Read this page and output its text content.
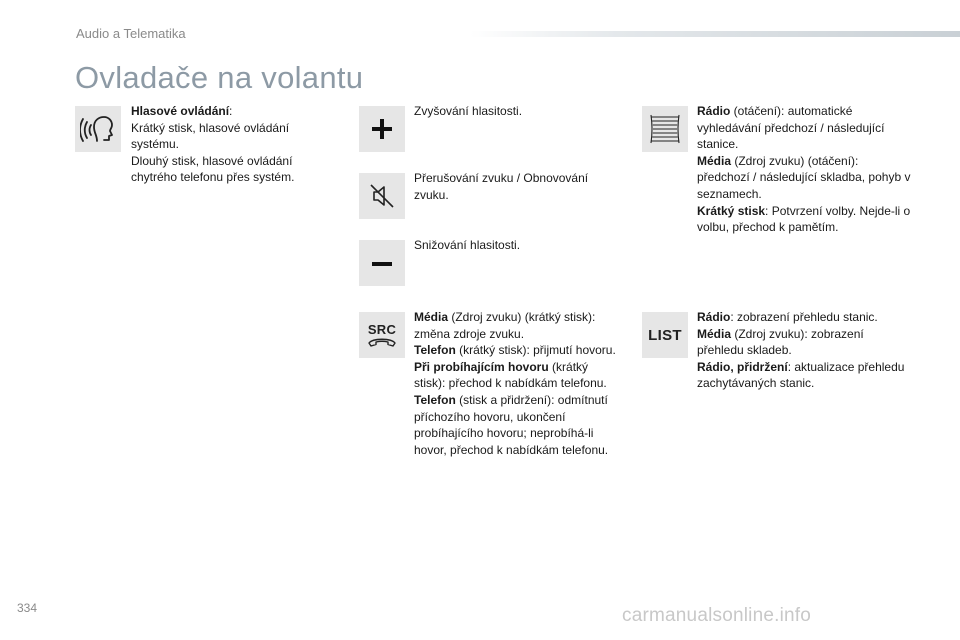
Audio a Telematika
Ovladače na volantu
Hlasové ovládání:
Krátký stisk, hlasové ovládání systému.
Dlouhý stisk, hlasové ovládání chytrého telefonu přes systém.
Zvyšování hlasitosti.
Přerušování zvuku / Obnovování zvuku.
Snižování hlasitosti.
SRC
Média (Zdroj zvuku) (krátký stisk): změna zdroje zvuku.
Telefon (krátký stisk): přijmutí hovoru.
Při probíhajícím hovoru (krátký stisk): přechod k nabídkám telefonu.
Telefon (stisk a přidržení): odmítnutí příchozího hovoru, ukončení probíhajícího hovoru; neprobíhá-li hovor, přechod k nabídkám telefonu.
Rádio (otáčení): automatické vyhledávání předchozí / následující stanice.
Média (Zdroj zvuku) (otáčení): předchozí / následující skladba, pohyb v seznamech.
Krátký stisk: Potvrzení volby. Nejde-li o volbu, přechod k pamětím.
LIST
Rádio: zobrazení přehledu stanic.
Média (Zdroj zvuku): zobrazení přehledu skladeb.
Rádio, přidržení: aktualizace přehledu zachytávaných stanic.
334	carmanualsonline.info
